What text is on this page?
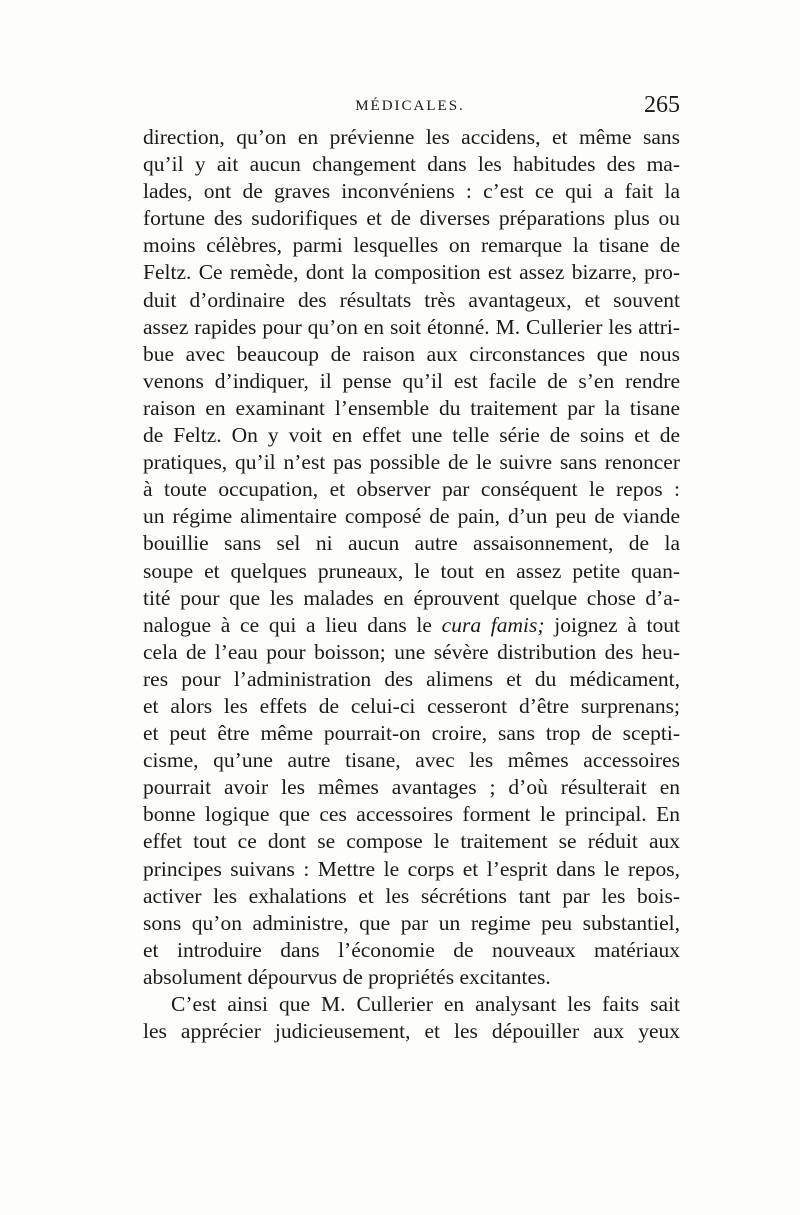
MÉDICALES.	265
direction, qu’on en prévienne les accidens, et même sans
qu’il y ait aucun changement dans les habitudes des ma-
lades, ont de graves inconvéniens : c’est ce qui a fait la
fortune des sudorifiques et de diverses préparations plus ou
moins célèbres, parmi lesquelles on remarque la tisane de
Feltz. Ce remède, dont la composition est assez bizarre, pro-
duit d’ordinaire des résultats très avantageux, et souvent
assez rapides pour qu’on en soit étonné. M. Cullerier les attri-
bue avec beaucoup de raison aux circonstances que nous
venons d’indiquer, il pense qu’il est facile de s’en rendre
raison en examinant l’ensemble du traitement par la tisane
de Feltz. On y voit en effet une telle série de soins et de
pratiques, qu’il n’est pas possible de le suivre sans renoncer
à toute occupation, et observer par conséquent le repos :
un régime alimentaire composé de pain, d’un peu de viande
bouillie sans sel ni aucun autre assaisonnement, de la
soupe et quelques pruneaux, le tout en assez petite quan-
tité pour que les malades en éprouvent quelque chose d’a-
nalogue à ce qui a lieu dans le cura famis; joignez à tout
cela de l’eau pour boisson; une sévère distribution des heu-
res pour l’administration des alimens et du médicament,
et alors les effets de celui-ci cesseront d’être surprenans;
et peut être même pourrait-on croire, sans trop de scepti-
cisme, qu’une autre tisane, avec les mêmes accessoires
pourrait avoir les mêmes avantages ; d’où résulterait en
bonne logique que ces accessoires forment le principal. En
effet tout ce dont se compose le traitement se réduit aux
principes suivans : Mettre le corps et l’esprit dans le repos,
activer les exhalations et les sécrétions tant par les bois-
sons qu’on administre, que par un regime peu substantiel,
et introduire dans l’économie de nouveaux matériaux
absolument dépourvus de propriétés excitantes.
C’est ainsi que M. Cullerier en analysant les faits sait
les apprécier judicieusement, et les dépouiller aux yeux
